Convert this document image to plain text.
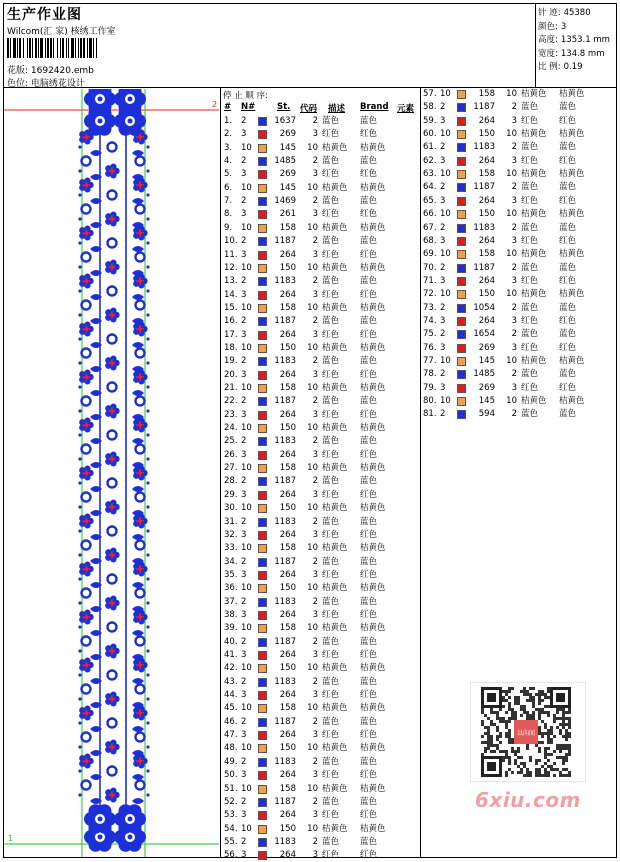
生产作业图
Wilcom(汇 家) 核绣工作室
花版: 1692420.emb
色位: 电脑绣花设计
针 迹: 45380
颜色: 3
高度: 1353.1 mm
宽度: 134.8 mm
比 例: 0.19
2
1
停 止 顺 序:
# N#	St. 代码 描述 Brand 元素
1. 2	1637	2 蓝色 蓝色
2. 3	269	3 红色 红色
3. 10	145	10 桔黄色 桔黄色
4. 2	1485	2 蓝色 蓝色
5. 3	269	3 红色 红色
6. 10	145	10 桔黄色 桔黄色
7. 2	1469	2 蓝色 蓝色
8. 3	261	3 红色 红色
9. 10	158	10 桔黄色 桔黄色
10. 2	1187	2 蓝色 蓝色
11. 3	264	3 红色 红色
12. 10	150	10 桔黄色 桔黄色
13. 2	1183	2 蓝色 蓝色
14. 3	264	3 红色 红色
15. 10	158	10 桔黄色 桔黄色
16. 2	1187	2 蓝色 蓝色
17. 3	264	3 红色 红色
18. 10	150	10 桔黄色 桔黄色
19. 2	1183	2 蓝色 蓝色
20. 3	264	3 红色 红色
21. 10	158	10 桔黄色 桔黄色
22. 2	1187	2 蓝色 蓝色
23. 3	264	3 红色 红色
24. 10	150	10 桔黄色 桔黄色
25. 2	1183	2 蓝色 蓝色
26. 3	264	3 红色 红色
27. 10	158	10 桔黄色 桔黄色
28. 2	1187	2 蓝色 蓝色
29. 3	264	3 红色 红色
30. 10	150	10 桔黄色 桔黄色
31. 2	1183	2 蓝色 蓝色
32. 3	264	3 红色 红色
33. 10	158	10 桔黄色 桔黄色
34. 2	1187	2 蓝色 蓝色
35. 3	264	3 红色 红色
36. 10	150	10 桔黄色 桔黄色
37. 2	1183	2 蓝色 蓝色
38. 3	264	3 红色 红色
39. 10	158	10 桔黄色 桔黄色
40. 2	1187	2 蓝色 蓝色
41. 3	264	3 红色 红色
42. 10	150	10 桔黄色 桔黄色
43. 2	1183	2 蓝色 蓝色
44. 3	264	3 红色 红色
45. 10	158	10 桔黄色 桔黄色
46. 2	1187	2 蓝色 蓝色
47. 3	264	3 红色 红色
48. 10	150	10 桔黄色 桔黄色
49. 2	1183	2 蓝色 蓝色
50. 3	264	3 红色 红色
51. 10	158	10 桔黄色 桔黄色
52. 2	1187	2 蓝色 蓝色
53. 3	264	3 红色 红色
54. 10	150	10 桔黄色 桔黄色
55. 2	1183	2 蓝色 蓝色
56. 3	264	3 红色 红色
57. 10	158	10 桔黄色 桔黄色
58. 2	1187	2 蓝色 蓝色
59. 3	264	3 红色 红色
60. 10	150	10 桔黄色 桔黄色
61. 2	1183	2 蓝色 蓝色
62. 3	264	3 红色 红色
63. 10	158	10 桔黄色 桔黄色
64. 2	1187	2 蓝色 蓝色
65. 3	264	3 红色 红色
66. 10	150	10 桔黄色 桔黄色
67. 2	1183	2 蓝色 蓝色
68. 3	264	3 红色 红色
69. 10	158	10 桔黄色 桔黄色
70. 2	1187	2 蓝色 蓝色
71. 3	264	3 红色 红色
72. 10	150	10 桔黄色 桔黄色
73. 2	1054	2 蓝色 蓝色
74. 3	264	3 红色 红色
75. 2	1654	2 蓝色 蓝色
76. 3	269	3 红色 红色
77. 10	145	10 桔黄色 桔黄色
78. 2	1485	2 蓝色 蓝色
79. 3	269	3 红色 红色
80. 10	145	10 桔黄色 桔黄色
81. 2	594	2 蓝色 蓝色
以向闻
6xiu.com
